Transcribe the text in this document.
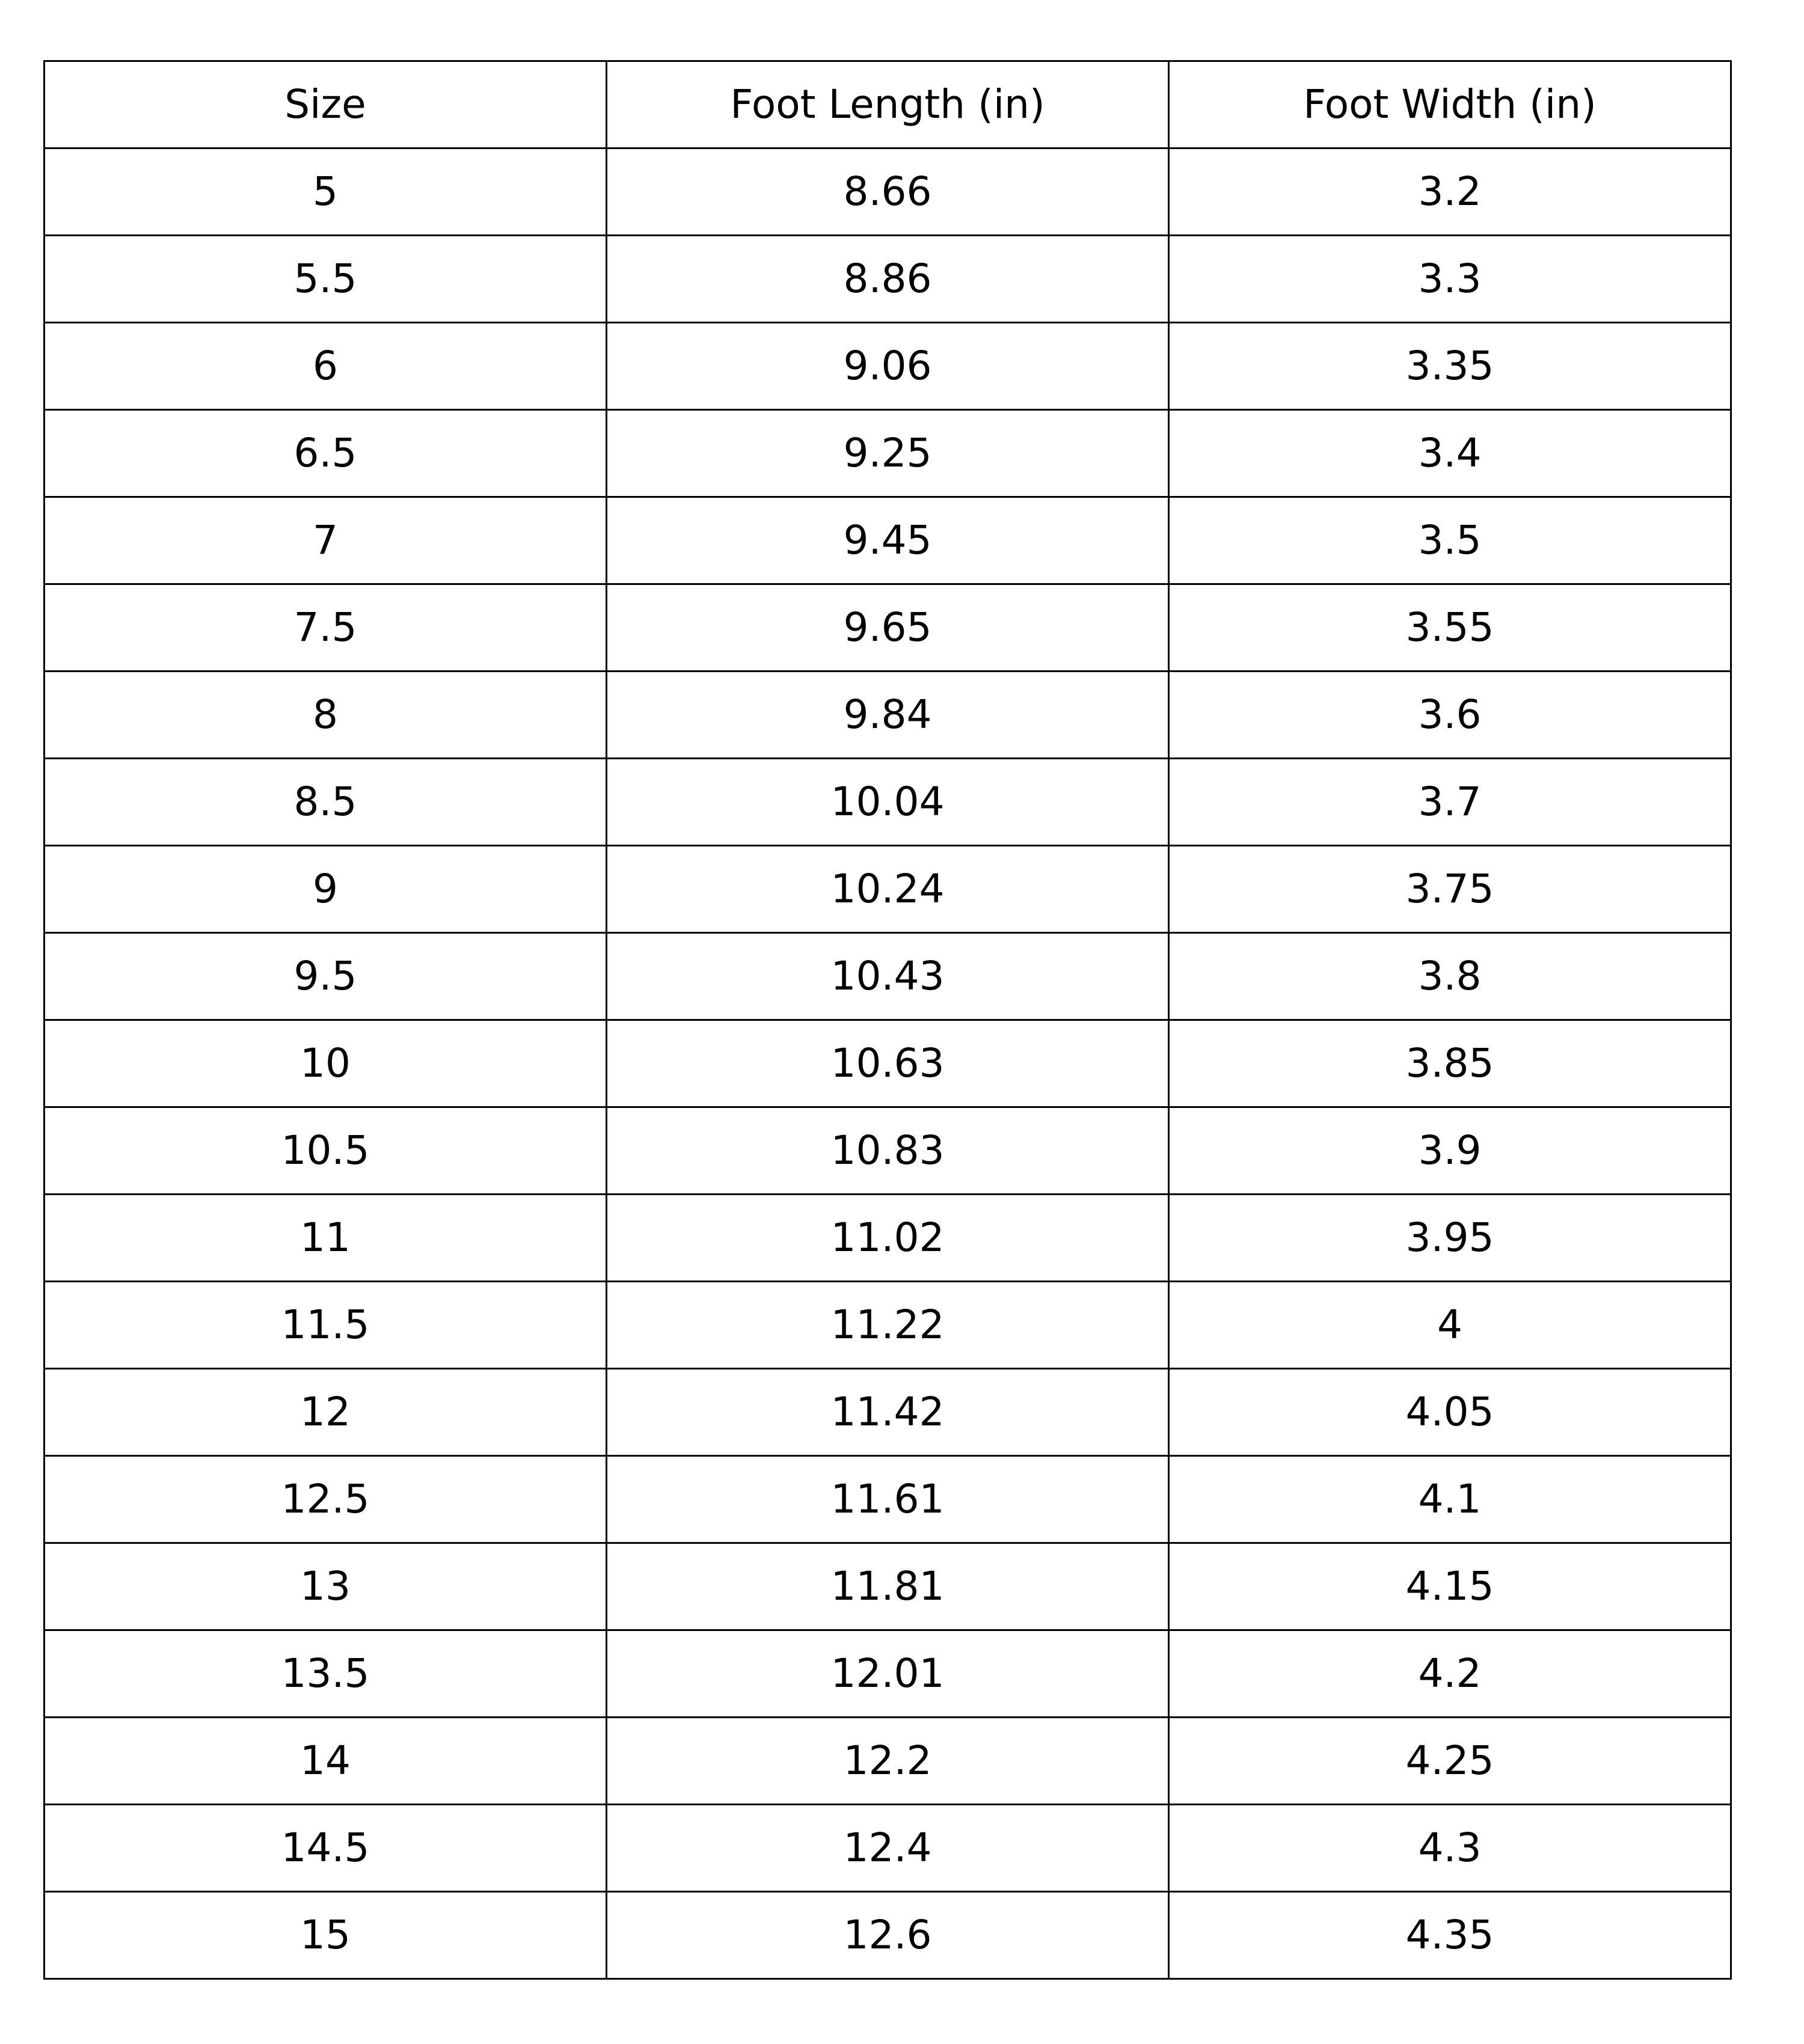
Size	Foot Length (in)	Foot Width (in)
5	8.66	3.2
5.5	8.86	3.3
6	9.06	3.35
6.5	9.25	3.4
7	9.45	3.5
7.5	9.65	3.55
8	9.84	3.6
8.5	10.04	3.7
9	10.24	3.75
9.5	10.43	3.8
10	10.63	3.85
10.5	10.83	3.9
11	11.02	3.95
11.5	11.22	4
12	11.42	4.05
12.5	11.61	4.1
13	11.81	4.15
13.5	12.01	4.2
14	12.2	4.25
14.5	12.4	4.3
15	12.6	4.35
